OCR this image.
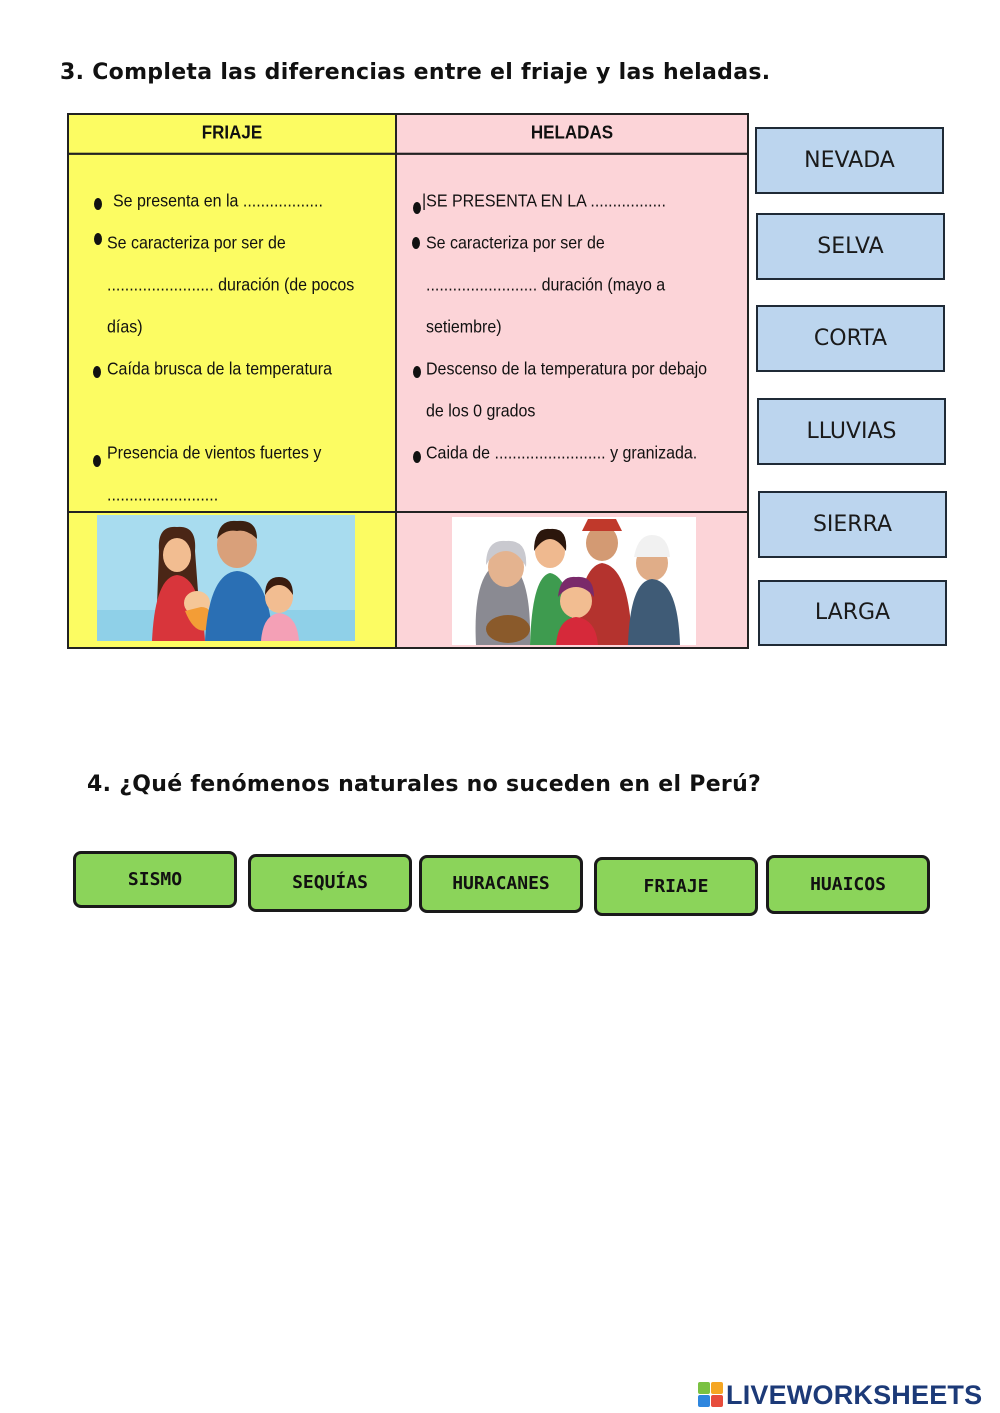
3. Completa las diferencias entre el friaje y las heladas.
FRIAJE
Se presenta en la ..................
Se caracteriza por ser de
........................ duración (de pocos
días)
Caída brusca de la temperatura
Presencia de vientos fuertes y
.........................
HELADAS
|SE PRESENTA EN LA .................
Se caracteriza por ser de
......................... duración (mayo a
setiembre)
Descenso de la temperatura por debajo
de los 0 grados
Caida de ......................... y granizada.
NEVADA
SELVA
CORTA
LLUVIAS
SIERRA
LARGA
4. ¿Qué fenómenos naturales no suceden en el Perú?
SISMO	SEQUÍAS	HURACANES	FRIAJE	HUAICOS
LIVEWORKSHEETS
